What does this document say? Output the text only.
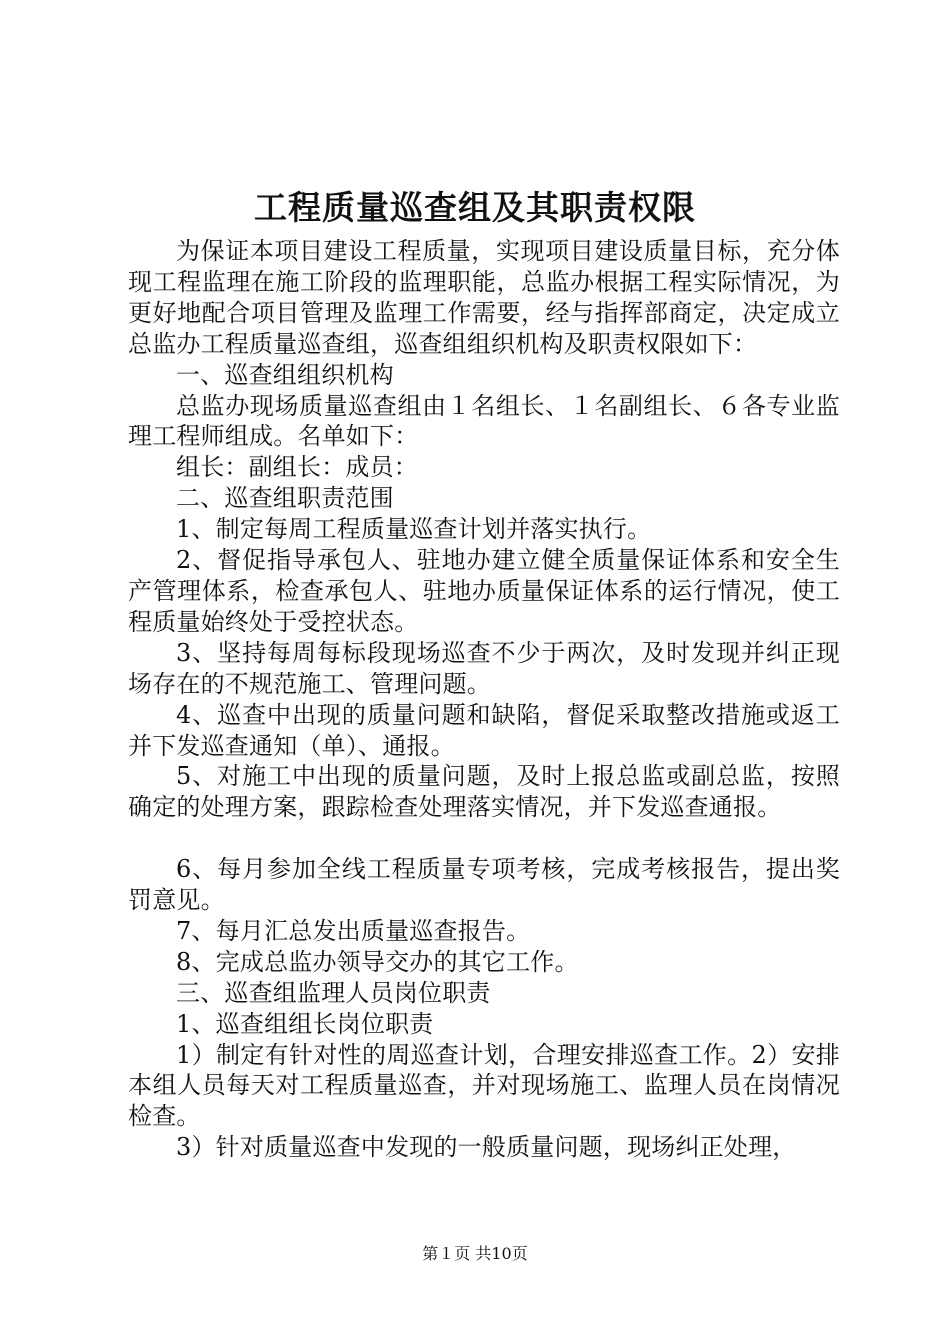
工程质量巡查组及其职责权限

为保证本项目建设工程质量，实现项目建设质量目标，充分体现工程监理在施工阶段的监理职能，总监办根据工程实际情况，为更好地配合项目管理及监理工作需要，经与指挥部商定，决定成立总监办工程质量巡查组，巡查组组织机构及职责权限如下：

一、巡查组组织机构

总监办现场质量巡查组由１名组长、１名副组长、６各专业监理工程师组成。名单如下：

组长：副组长：成员：

二、巡查组职责范围

1、制定每周工程质量巡查计划并落实执行。

2、督促指导承包人、驻地办建立健全质量保证体系和安全生产管理体系，检查承包人、驻地办质量保证体系的运行情况，使工程质量始终处于受控状态。

3、坚持每周每标段现场巡查不少于两次，及时发现并纠正现场存在的不规范施工、管理问题。

4、巡查中出现的质量问题和缺陷，督促采取整改措施或返工并下发巡查通知（单）、通报。

5、对施工中出现的质量问题，及时上报总监或副总监，按照确定的处理方案，跟踪检查处理落实情况，并下发巡查通报。

6、每月参加全线工程质量专项考核，完成考核报告，提出奖罚意见。

7、每月汇总发出质量巡查报告。

8、完成总监办领导交办的其它工作。

三、巡查组监理人员岗位职责

1、巡查组组长岗位职责

1）制定有针对性的周巡查计划，合理安排巡查工作。2）安排本组人员每天对工程质量巡查，并对现场施工、监理人员在岗情况检查。

3）针对质量巡查中发现的一般质量问题，现场纠正处理，

第１页 共10页
